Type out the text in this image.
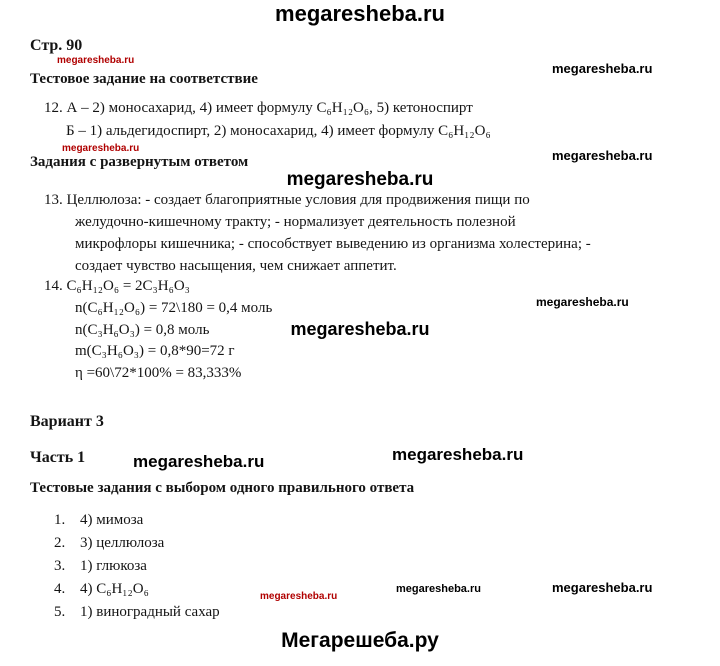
megaresheba.ru
Стр. 90
megaresheba.ru
megaresheba.ru
Тестовое задание на соответствие
12. А – 2) моносахарид, 4) имеет формулу C₆H₁₂O₆, 5) кетоноспирт
Б – 1) альдегидоспирт, 2) моносахарид, 4) имеет формулу C₆H₁₂O₆
megaresheba.ru	megaresheba.ru
Задания с развернутым ответом
megaresheba.ru
13. Целлюлоза: - создает благоприятные условия для продвижения пищи по
желудочно-кишечному тракту; - нормализует деятельность полезной
микрофлоры кишечника; - способствует выведению из организма холестерина; -
создает чувство насыщения, чем снижает аппетит.
14. C₆H₁₂O₆ = 2C₃H₆O₃
n(C₆H₁₂O₆) = 72\180 = 0,4 моль	megaresheba.ru
n(C₃H₆O₃) = 0,8 моль	megaresheba.ru
m(C₃H₆O₃) = 0,8*90=72 г
η =60\72*100% = 83,333%
Вариант 3
Часть 1	megaresheba.ru	megaresheba.ru
Тестовые задания с выбором одного правильного ответа
1. 4) мимоза
2. 3) целлюлоза
3. 1) глюкоза
4. 4) C₆H₁₂O₆
5. 1) виноградный сахар
megaresheba.ru
megaresheba.ru	megaresheba.ru
Мегарешеба.ру
